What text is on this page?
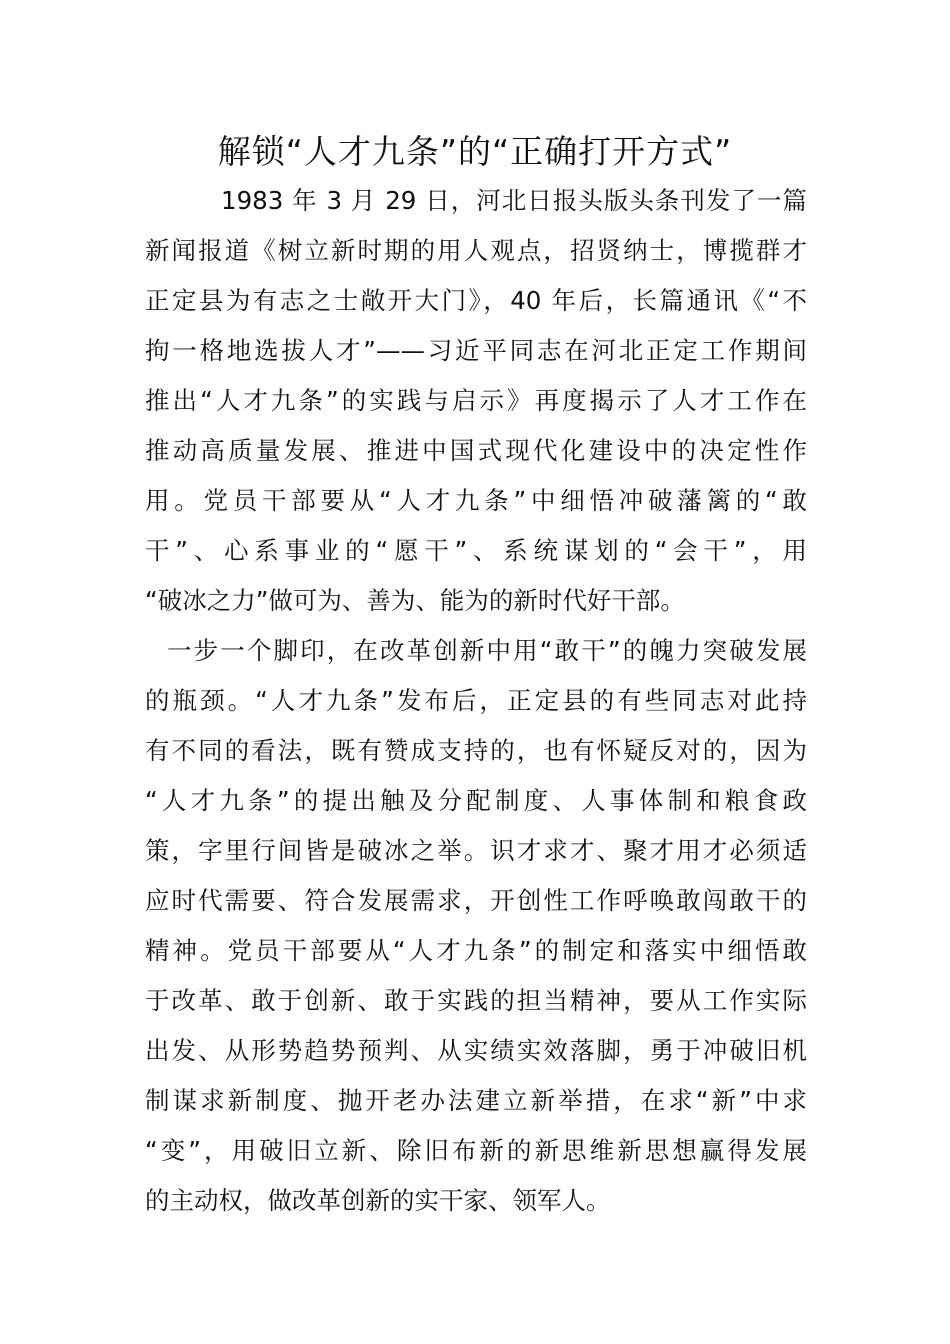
解锁“人才九条”的“正确打开方式”
1983 年 3 月 29 日，河北日报头版头条刊发了一篇
新闻报道《树立新时期的用人观点，招贤纳士，博揽群才
正定县为有志之士敞开大门》，40 年后，长篇通讯《“不
拘一格地选拔人才”——习近平同志在河北正定工作期间
推出“人才九条”的实践与启示》再度揭示了人才工作在
推动高质量发展、推进中国式现代化建设中的决定性作
用。党员干部要从“人才九条”中细悟冲破藩篱的“敢
干”、心系事业的“愿干”、系统谋划的“会干”，用
“破冰之力”做可为、善为、能为的新时代好干部。
一步一个脚印，在改革创新中用“敢干”的魄力突破发展
的瓶颈。“人才九条”发布后，正定县的有些同志对此持
有不同的看法，既有赞成支持的，也有怀疑反对的，因为
“人才九条”的提出触及分配制度、人事体制和粮食政
策，字里行间皆是破冰之举。识才求才、聚才用才必须适
应时代需要、符合发展需求，开创性工作呼唤敢闯敢干的
精神。党员干部要从“人才九条”的制定和落实中细悟敢
于改革、敢于创新、敢于实践的担当精神，要从工作实际
出发、从形势趋势预判、从实绩实效落脚，勇于冲破旧机
制谋求新制度、抛开老办法建立新举措，在求“新”中求
“变”，用破旧立新、除旧布新的新思维新思想赢得发展
的主动权，做改革创新的实干家、领军人。
